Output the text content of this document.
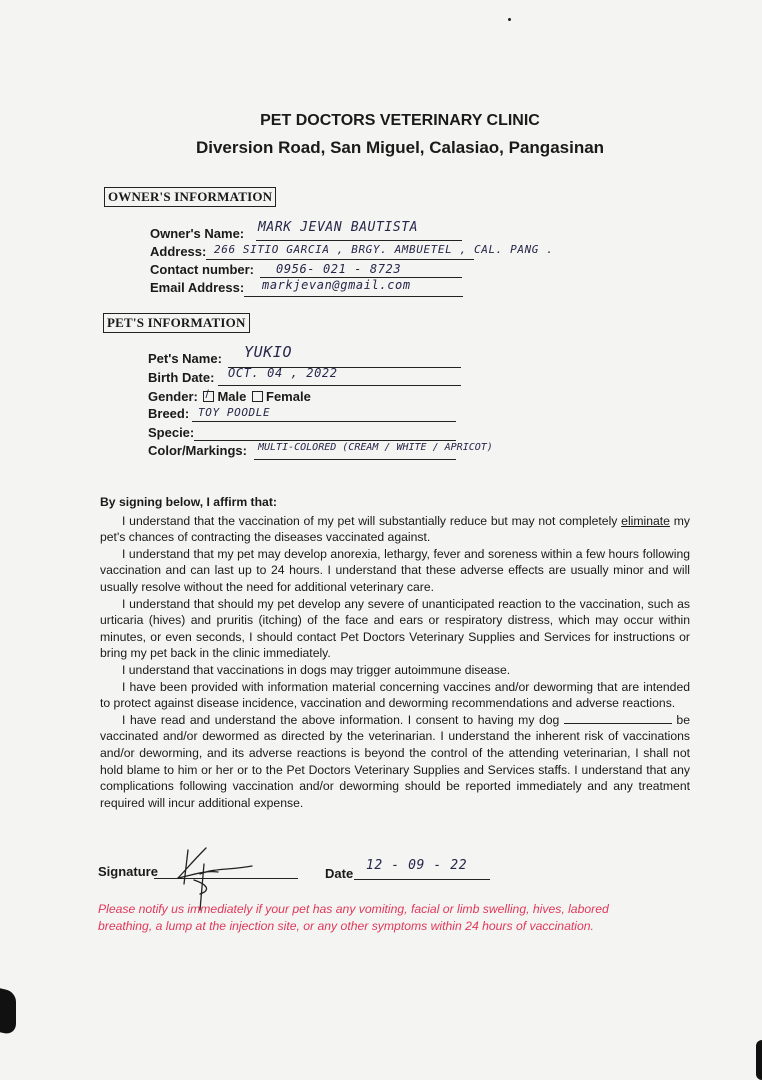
PET DOCTORS VETERINARY CLINIC
Diversion Road, San Miguel, Calasiao, Pangasinan
OWNER'S INFORMATION
Owner's Name: MARK JEVAN BAUTISTA
Address: 266 SITIO GARCIA , BRGY. AMBUETEL , CAL. PANG .
Contact number: 0956- 021 - 8723
Email Address: markjevan@gmail.com
PET'S INFORMATION
Pet's Name: YUKIO
Birth Date: OCT. 04 , 2022
Gender: / Male Female
Breed: TOY POODLE
Specie:
Color/Markings: MULTI-COLORED (CREAM / WHITE / APRICOT)
By signing below, I affirm that:

I understand that the vaccination of my pet will substantially reduce but may not completely eliminate my pet's chances of contracting the diseases vaccinated against.

I understand that my pet may develop anorexia, lethargy, fever and soreness within a few hours following vaccination and can last up to 24 hours. I understand that these adverse effects are usually minor and will usually resolve without the need for additional veterinary care.

I understand that should my pet develop any severe of unanticipated reaction to the vaccination, such as urticaria (hives) and pruritis (itching) of the face and ears or respiratory distress, which may occur within minutes, or even seconds, I should contact Pet Doctors Veterinary Supplies and Services for instructions or bring my pet back in the clinic immediately.

I understand that vaccinations in dogs may trigger autoimmune disease.

I have been provided with information material concerning vaccines and/or deworming that are intended to protect against disease incidence, vaccination and deworming recommendations and adverse reactions.

I have read and understand the above information. I consent to having my dog	be vaccinated and/or dewormed as directed by the veterinarian. I understand the inherent risk of vaccinations and/or deworming, and its adverse reactions is beyond the control of the attending veterinarian, I shall not hold blame to him or her or to the Pet Doctors Veterinary Supplies and Services staffs. I understand that any complications following vaccination and/or deworming should be reported immediately and any treatment required will incur additional expense.

Signature	Date
12 - 09 - 22
Please notify us immediately if your pet has any vomiting, facial or limb swelling, hives, labored breathing, a lump at the injection site, or any other symptoms within 24 hours of vaccination.
